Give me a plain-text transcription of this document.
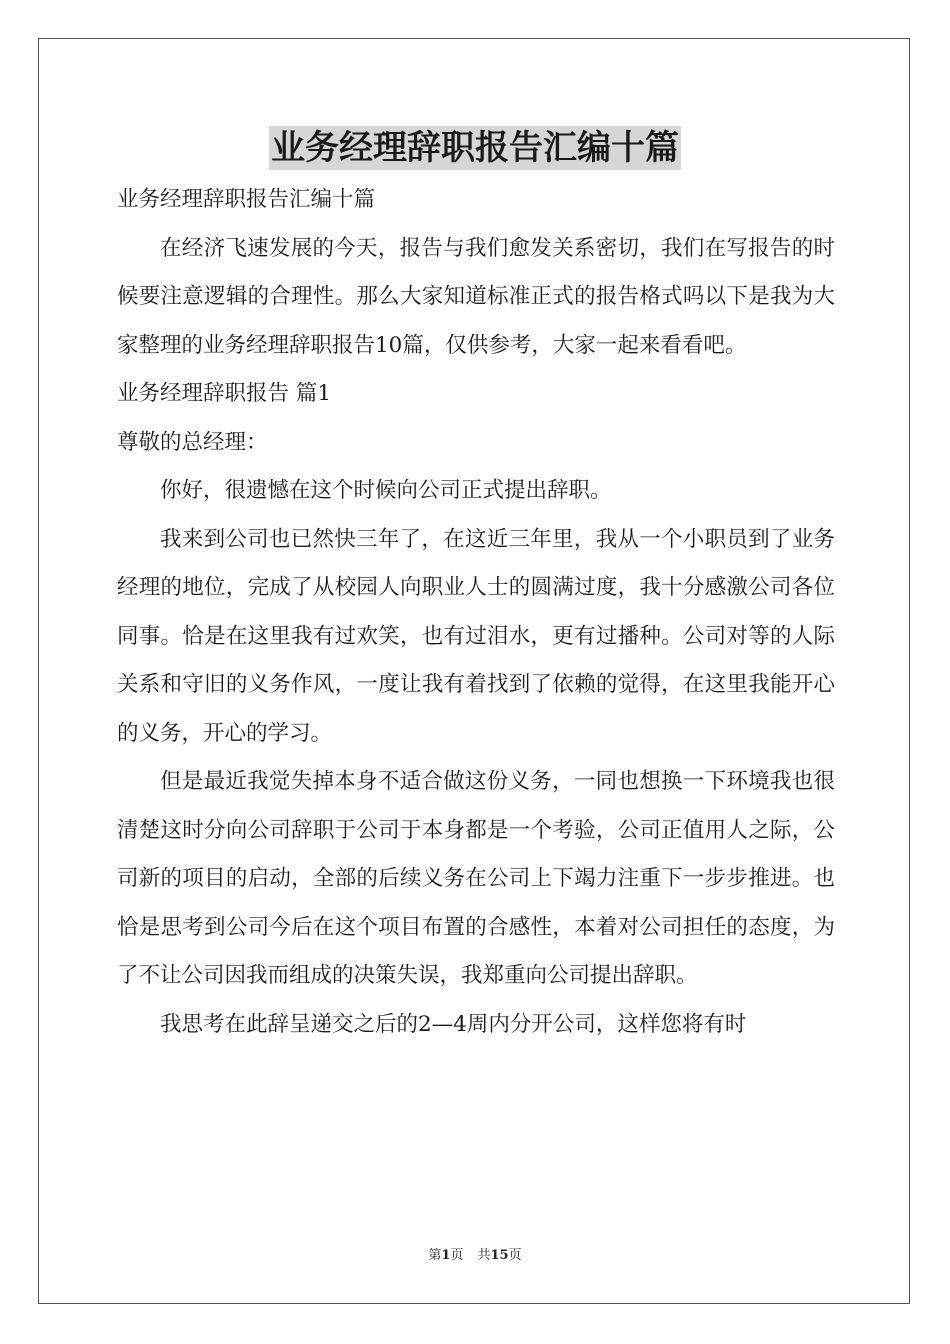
业务经理辞职报告汇编十篇

业务经理辞职报告汇编十篇

在经济飞速发展的今天，报告与我们愈发关系密切，我们在写报告的时候要注意逻辑的合理性。那么大家知道标准正式的报告格式吗以下是我为大家整理的业务经理辞职报告10篇，仅供参考，大家一起来看看吧。

业务经理辞职报告 篇1

尊敬的总经理：

你好，很遗憾在这个时候向公司正式提出辞职。

我来到公司也已然快三年了，在这近三年里，我从一个小职员到了业务经理的地位，完成了从校园人向职业人士的圆满过度，我十分感激公司各位同事。恰是在这里我有过欢笑，也有过泪水，更有过播种。公司对等的人际关系和守旧的义务作风，一度让我有着找到了依赖的觉得，在这里我能开心的义务，开心的学习。

但是最近我觉失掉本身不适合做这份义务，一同也想换一下环境我也很清楚这时分向公司辞职于公司于本身都是一个考验，公司正值用人之际，公司新的项目的启动，全部的后续义务在公司上下竭力注重下一步步推进。也恰是思考到公司今后在这个项目布置的合感性，本着对公司担任的态度，为了不让公司因我而组成的决策失误，我郑重向公司提出辞职。

我思考在此辞呈递交之后的2—4周内分开公司，这样您将有时

第1页 共15页
